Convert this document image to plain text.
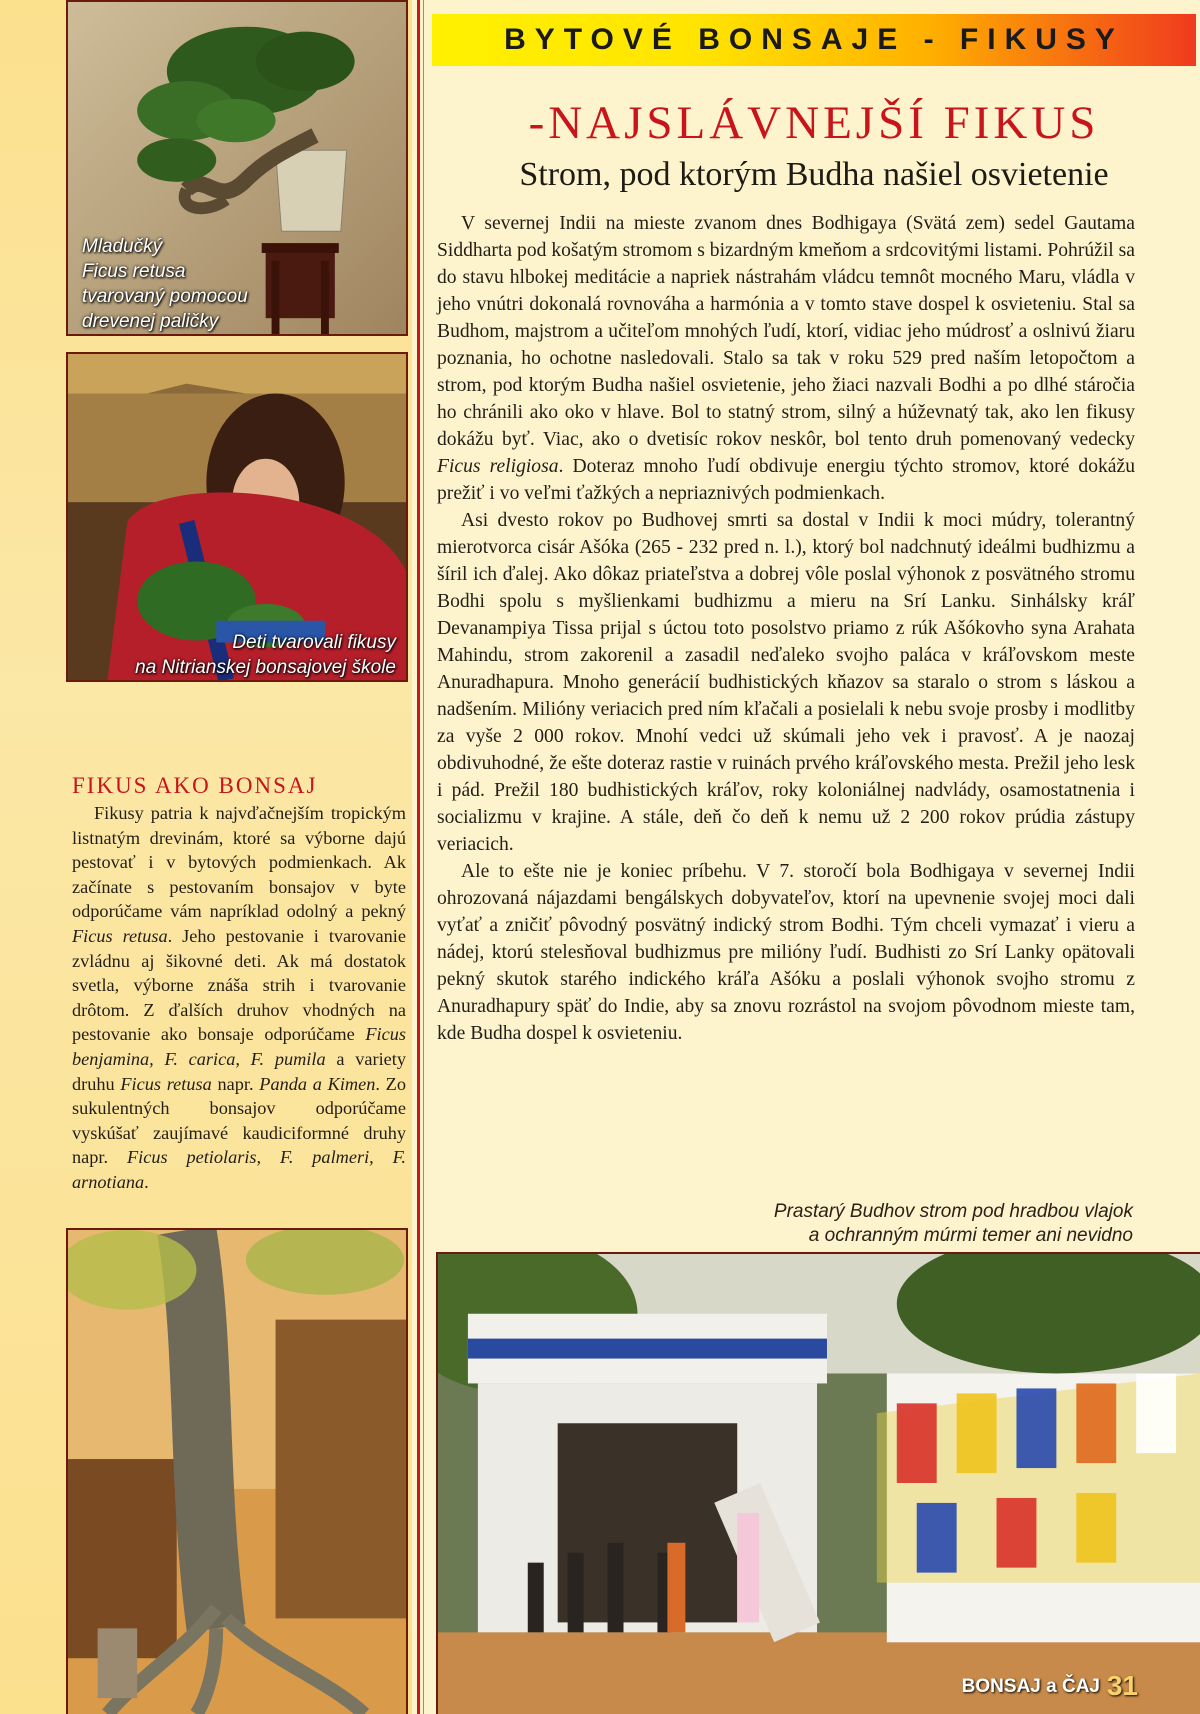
Mladučký
Ficus retusa
tvarovaný pomocou
drevenej paličky
Deti tvarovali fikusy
na Nitrianskej bonsajovej škole
FIKUS AKO BONSAJ

Fikusy patria k najvďačnejším tropickým listnatým drevinám, ktoré sa výborne dajú pestovať i v bytových podmienkach. Ak začínate s pestovaním bonsajov v byte odporúčame vám napríklad odolný a pekný Ficus retusa. Jeho pestovanie i tvarovanie zvládnu aj šikovné deti. Ak má dostatok svetla, výborne znáša strih i tvarovanie drôtom. Z ďalších druhov vhodných na pestovanie ako bonsaje odporúčame Ficus benjamina, F. carica, F. pumila a variety druhu Ficus retusa napr. Panda a Kimen. Zo sukulentných bonsajov odporúčame vyskúšať zaujímavé kaudiciformné druhy napr. Ficus petiolaris, F. palmeri, F. arnotiana.

BYTOVÉ BONSAJE - FIKUSY
-NAJSLÁVNEJŠÍ FIKUS
Strom, pod ktorým Budha našiel osvietenie

V severnej Indii na mieste zvanom dnes Bodhigaya (Svätá zem) sedel Gautama Siddharta pod košatým stromom s bizardným kmeňom a srdcovitými listami. Pohrúžil sa do stavu hlbokej meditácie a napriek nástrahám vládcu temnôt mocného Maru, vládla v jeho vnútri dokonalá rovnováha a harmónia a v tomto stave dospel k osvieteniu. Stal sa Budhom, majstrom a učiteľom mnohých ľudí, ktorí, vidiac jeho múdrosť a oslnivú žiaru poznania, ho ochotne nasledovali. Stalo sa tak v roku 529 pred naším letopočtom a strom, pod ktorým Budha našiel osvietenie, jeho žiaci nazvali Bodhi a po dlhé stáročia ho chránili ako oko v hlave. Bol to statný strom, silný a húževnatý tak, ako len fikusy dokážu byť. Viac, ako o dvetisíc rokov neskôr, bol tento druh pomenovaný vedecky Ficus religiosa. Doteraz mnoho ľudí obdivuje energiu týchto stromov, ktoré dokážu prežiť i vo veľmi ťažkých a nepriaznivých podmienkach.

Asi dvesto rokov po Budhovej smrti sa dostal v Indii k moci múdry, tolerantný mierotvorca cisár Ašóka (265 - 232 pred n. l.), ktorý bol nadchnutý ideálmi budhizmu a šíril ich ďalej. Ako dôkaz priateľstva a dobrej vôle poslal výhonok z posvätného stromu Bodhi spolu s myšlienkami budhizmu a mieru na Srí Lanku. Sinhálsky kráľ Devanampiya Tissa prijal s úctou toto posolstvo priamo z rúk Ašókovho syna Arahata Mahindu, strom zakorenil a zasadil neďaleko svojho paláca v kráľovskom meste Anuradhapura. Mnoho generácií budhistických kňazov sa staralo o strom s láskou a nadšením. Milióny veriacich pred ním kľačali a posielali k nebu svoje prosby i modlitby za vyše 2 000 rokov. Mnohí vedci už skúmali jeho vek i pravosť. A je naozaj obdivuhodné, že ešte doteraz rastie v ruinách prvého kráľovského mesta. Prežil jeho lesk i pád. Prežil 180 budhistických kráľov, roky koloniálnej nadvlády, osamostatnenia i socializmu v krajine. A stále, deň čo deň k nemu už 2 200 rokov prúdia zástupy veriacich.

Ale to ešte nie je koniec príbehu. V 7. storočí bola Bodhigaya v severnej Indii ohrozovaná nájazdami bengálskych dobyvateľov, ktorí na upevnenie svojej moci dali vyťať a zničiť pôvodný posvätný indický strom Bodhi. Tým chceli vymazať i vieru a nádej, ktorú stelesňoval budhizmus pre milióny ľudí. Budhisti zo Srí Lanky opätovali pekný skutok starého indického kráľa Ašóku a poslali výhonok svojho stromu z Anuradhapury späť do Indie, aby sa znovu rozrástol na svojom pôvodnom mieste tam, kde Budha dospel k osvieteniu.

Prastarý Budhov strom pod hradbou vlajok
a ochranným múrmi temer ani nevidno
BONSAJ a ČAJ 31
